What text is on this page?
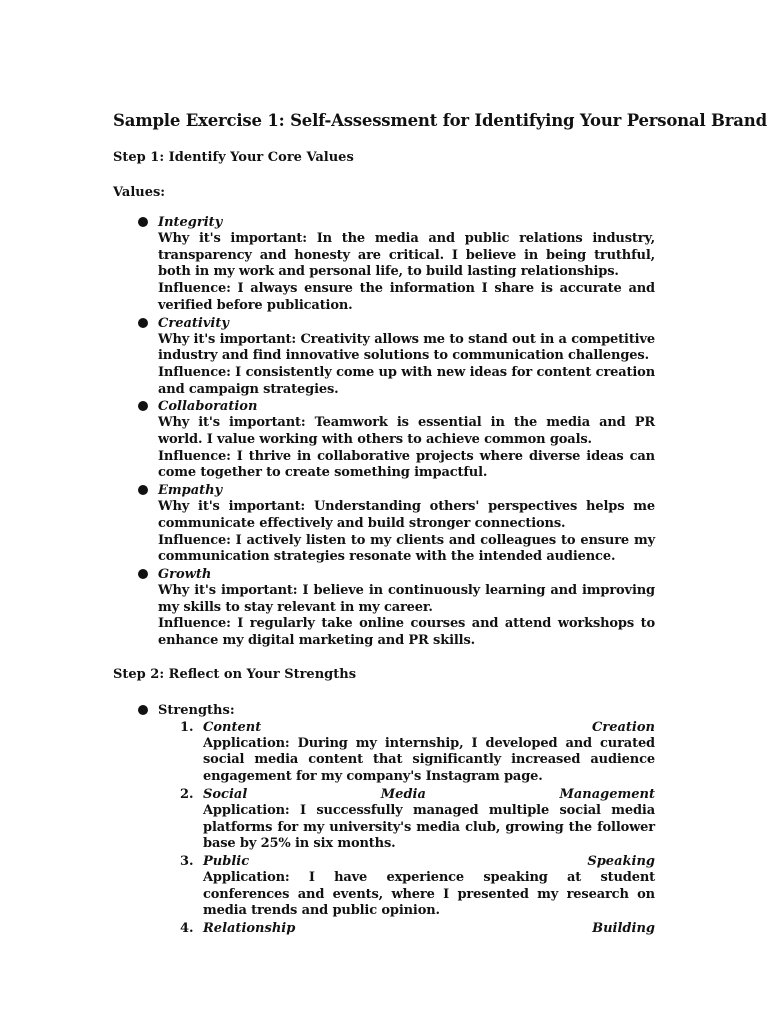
Sample Exercise 1: Self-Assessment for Identifying Your Personal Brand
Step 1: Identify Your Core Values
Values:
Integrity
Why it's important: In the media and public relations industry, transparency and honesty are critical. I believe in being truthful, both in my work and personal life, to build lasting relationships.
Influence: I always ensure the information I share is accurate and verified before publication.
Creativity
Why it's important: Creativity allows me to stand out in a competitive industry and find innovative solutions to communication challenges.
Influence: I consistently come up with new ideas for content creation and campaign strategies.
Collaboration
Why it's important: Teamwork is essential in the media and PR world. I value working with others to achieve common goals.
Influence: I thrive in collaborative projects where diverse ideas can come together to create something impactful.
Empathy
Why it's important: Understanding others' perspectives helps me communicate effectively and build stronger connections.
Influence: I actively listen to my clients and colleagues to ensure my communication strategies resonate with the intended audience.
Growth
Why it's important: I believe in continuously learning and improving my skills to stay relevant in my career.
Influence: I regularly take online courses and attend workshops to enhance my digital marketing and PR skills.
Step 2: Reflect on Your Strengths
Strengths:
1. Content	Creation
Application: During my internship, I developed and curated social media content that significantly increased audience engagement for my company's Instagram page.
2. Social	Media	Management
Application: I successfully managed multiple social media platforms for my university's media club, growing the follower base by 25% in six months.
3. Public	Speaking
Application: I have experience speaking at student conferences and events, where I presented my research on media trends and public opinion.
4. Relationship	Building
